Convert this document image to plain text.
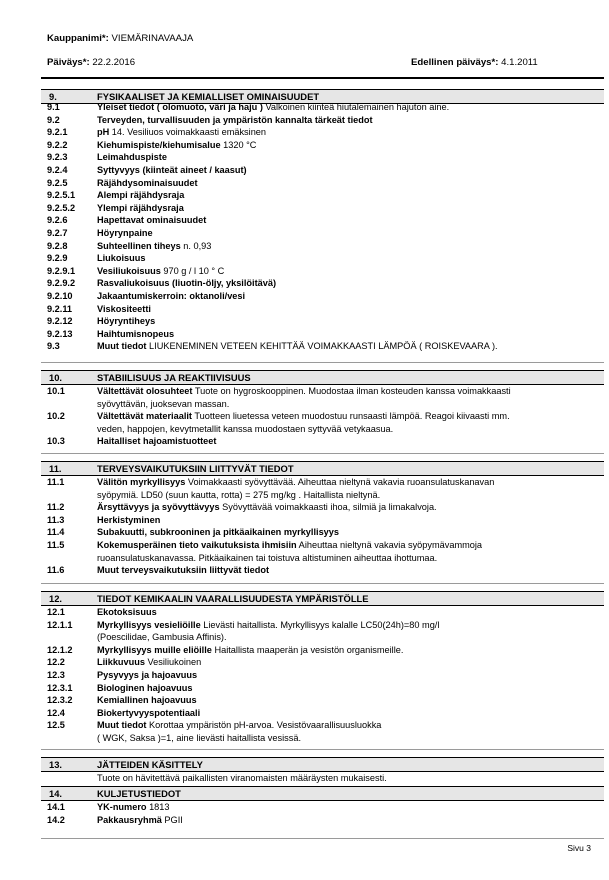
Kauppanimi*: VIEMÄRINAVAAJA
Päiväys*: 22.2.2016	Edellinen päiväys*: 4.1.2011
9.	FYSIKAALISET JA KEMIALLISET OMINAISUUDET
9.1	Yleiset tiedot ( olomuoto, väri ja haju ) Valkoinen kiinteä hiutalemainen hajuton aine.
9.2	Terveyden, turvallisuuden ja ympäristön kannalta tärkeät tiedot
9.2.1	pH 14. Vesiliuos voimakkaasti emäksinen
9.2.2	Kiehumispiste/kiehumisalue 1320 °C
9.2.3	Leimahduspiste
9.2.4	Syttyvyys (kiinteät aineet / kaasut)
9.2.5	Räjähdysominaisuudet
9.2.5.1 Alempi räjähdysraja
9.2.5.2 Ylempi räjähdysraja
9.2.6	Hapettavat ominaisuudet
9.2.7	Höyrynpaine
9.2.8	Suhteellinen tiheys n. 0,93
9.2.9	Liukoisuus
9.2.9.1 Vesiliukoisuus 970 g / l 10 ° C
9.2.9.2 Rasvaliukoisuus (liuotin-öljy, yksilöitävä)
9.2.10	Jakaantumiskerroin: oktanoli/vesi
9.2.11	Viskositeetti
9.2.12	Höyryntiheys
9.2.13	Haihtumisnopeus
9.3	Muut tiedot LIUKENEMINEN VETEEN KEHITTÄÄ VOIMAKKAASTI LÄMPÖÄ ( ROISKEVAARA ).
10.	STABIILISUUS JA REAKTIIVISUUS
10.1	Vältettävät olosuhteet Tuote on hygroskooppinen. Muodostaa ilman kosteuden kanssa voimakkaasti
syövyttävän, juoksevan massan.
10.2	Vältettävät materiaalit Tuotteen liuetessa veteen muodostuu runsaasti lämpöä. Reagoi kiivaasti mm.
veden, happojen, kevytmetallit kanssa muodostaen syttyvää vetykaasua.
10.3	Haitalliset hajoamistuotteet
11.	TERVEYSVAIKUTUKSIIN LIITTYVÄT TIEDOT
11.1	Välitön myrkyllisyys Voimakkaasti syövyttävää. Aiheuttaa nieltynä vakavia ruoansulatuskanavan
syöpymiä. LD50 (suun kautta, rotta) = 275 mg/kg . Haitallista nieltynä.
11.2	Ärsyttävyys ja syövyttävyys Syövyttävää voimakkaasti ihoa, silmiä ja limakalvoja.
11.3	Herkistyminen
11.4	Subakuutti, subkrooninen ja pitkäaikainen myrkyllisyys
11.5	Kokemusperäinen tieto vaikutuksista ihmisiin Aiheuttaa nieltynä vakavia syöpymävammoja
ruoansulatuskanavassa. Pitkäaikainen tai toistuva altistuminen aiheuttaa ihottumaa.
11.6	Muut terveysvaikutuksiin liittyvät tiedot
12.	TIEDOT KEMIKAALIN VAARALLISUUDESTA YMPÄRISTÖLLE
12.1	Ekotoksisuus
12.1.1	Myrkyllisyys vesieliöille Lievästi haitallista. Myrkyllisyys kalalle LC50(24h)=80 mg/l
(Poescilidae, Gambusia Affinis).
12.1.2	Myrkyllisyys muille eliöille Haitallista maaperän ja vesistön organismeille.
12.2	Liikkuvuus Vesiliukoinen
12.3	Pysyvyys ja hajoavuus
12.3.1	Biologinen hajoavuus
12.3.2	Kemiallinen hajoavuus
12.4	Biokertyvyyspotentiaali
12.5	Muut tiedot Korottaa ympäristön pH-arvoa. Vesistövaarallisuusluokka
( WGK, Saksa )=1, aine lievästi haitallista vesissä.
13.	JÄTTEIDEN KÄSITTELY
Tuote on hävitettävä paikallisten viranomaisten määräysten mukaisesti.
14.	KULJETUSTIEDOT
14.1	YK-numero 1813
14.2	Pakkausryhmä PGII
Sivu 3
